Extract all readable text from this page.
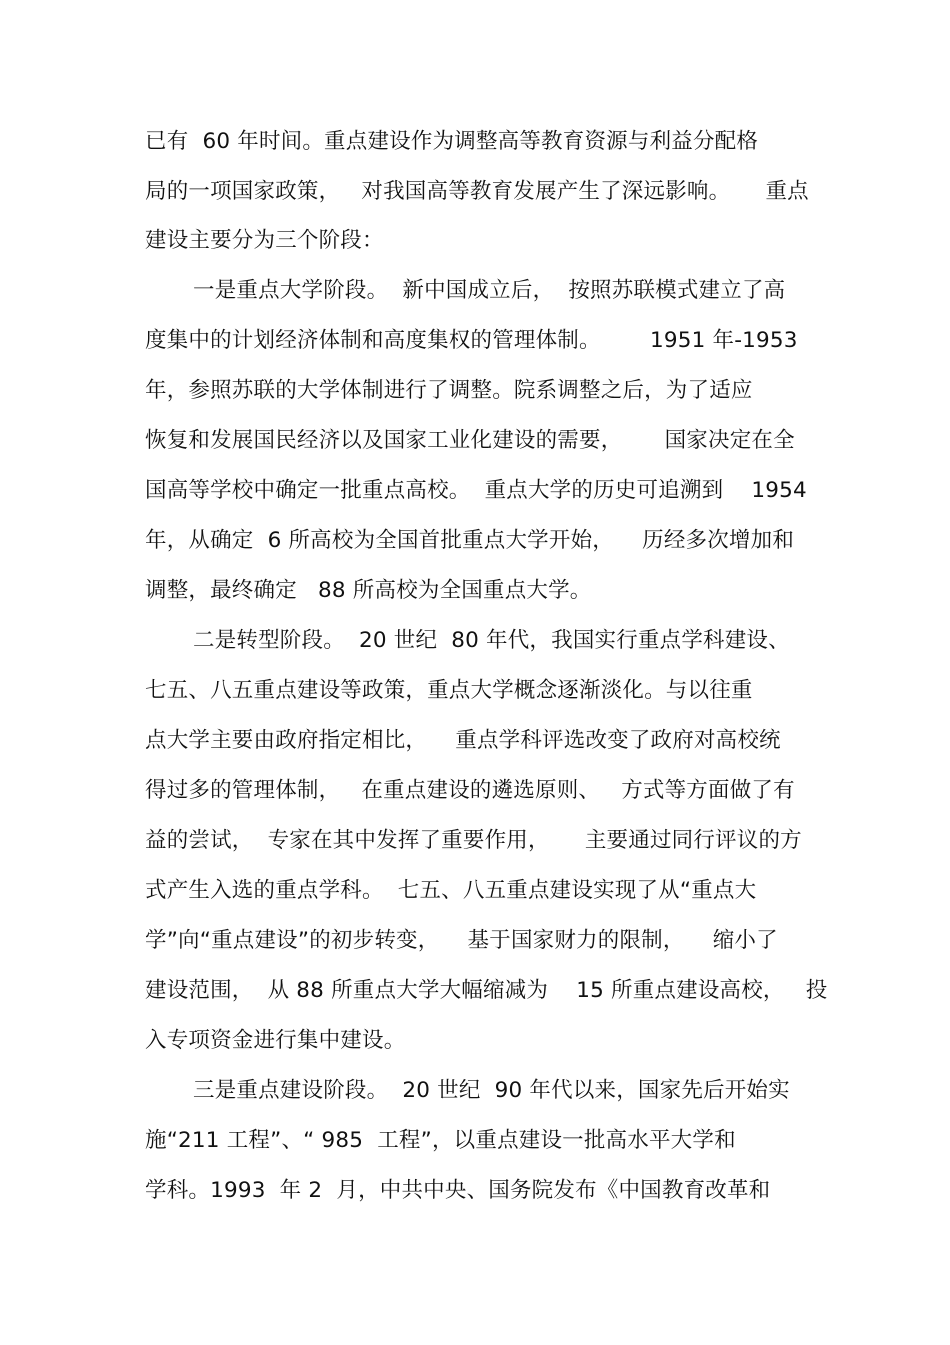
已有  60 年时间。重点建设作为调整高等教育资源与利益分配格
局的一项国家政策，   对我国高等教育发展产生了深远影响。     重点
建设主要分为三个阶段：
一是重点大学阶段。  新中国成立后，  按照苏联模式建立了高
度集中的计划经济体制和高度集权的管理体制。       1951 年-1953
年，参照苏联的大学体制进行了调整。院系调整之后，为了适应
恢复和发展国民经济以及国家工业化建设的需要，      国家决定在全
国高等学校中确定一批重点高校。  重点大学的历史可追溯到    1954
年，从确定  6 所高校为全国首批重点大学开始，    历经多次增加和
调整，最终确定   88 所高校为全国重点大学。
二是转型阶段。  20 世纪  80 年代，我国实行重点学科建设、
七五、八五重点建设等政策，重点大学概念逐渐淡化。与以往重
点大学主要由政府指定相比，    重点学科评选改变了政府对高校统
得过多的管理体制，   在重点建设的遴选原则、   方式等方面做了有
益的尝试，  专家在其中发挥了重要作用，     主要通过同行评议的方
式产生入选的重点学科。  七五、八五重点建设实现了从“重点大
学”向“重点建设”的初步转变，    基于国家财力的限制，    缩小了
建设范围，  从 88 所重点大学大幅缩减为    15 所重点建设高校，   投
入专项资金进行集中建设。
三是重点建设阶段。  20 世纪  90 年代以来，国家先后开始实
施“211 工程”、“ 985  工程”，以重点建设一批高水平大学和
学科。1993  年 2  月，中共中央、国务院发布《中国教育改革和
